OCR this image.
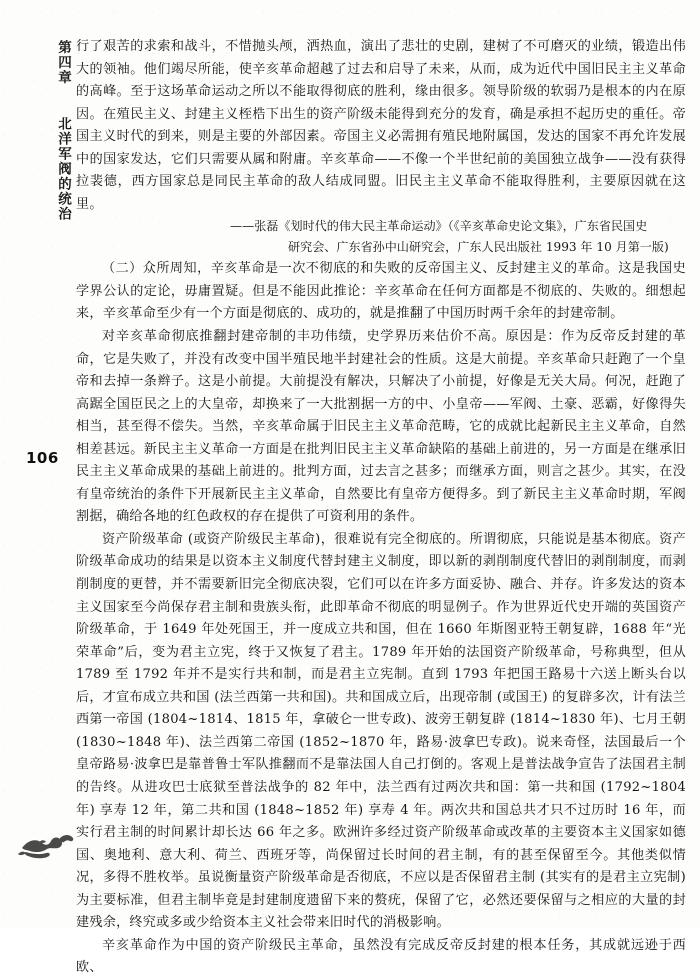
第四章 北洋军阀的统治
106

行了艰苦的求索和战斗，不惜抛头颅，洒热血，演出了悲壮的史剧，建树了不可磨灭的业绩，锻造出伟大的领袖。他们竭尽所能，使辛亥革命超越了过去和启导了未来，从而，成为近代中国旧民主主义革命的高峰。至于这场革命运动之所以不能取得彻底的胜利，缘由很多。领导阶级的软弱乃是根本的内在原因。在殖民主义、封建主义桎梏下出生的资产阶级未能得到充分的发育，确是承担不起历史的重任。帝国主义时代的到来，则是主要的外部因素。帝国主义必需拥有殖民地附属国，发达的国家不再允许发展中的国家发达，它们只需要从属和附庸。辛亥革命——不像一个半世纪前的美国独立战争——没有获得拉裴德，西方国家总是同民主革命的敌人结成同盟。旧民主主义革命不能取得胜利，主要原因就在这里。

——张磊《划时代的伟大民主革命运动》（《辛亥革命史论文集》，广东省民国史
研究会、广东省孙中山研究会，广东人民出版社 1993 年 10 月第一版)

（二）众所周知，辛亥革命是一次不彻底的和失败的反帝国主义、反封建主义的革命。这是我国史学界公认的定论，毋庸置疑。但是不能因此推论：辛亥革命在任何方面都是不彻底的、失败的。细想起来，辛亥革命至少有一个方面是彻底的、成功的，就是推翻了中国历时两千余年的封建帝制。

对辛亥革命彻底推翻封建帝制的丰功伟绩，史学界历来估价不高。原因是：作为反帝反封建的革命，它是失败了，并没有改变中国半殖民地半封建社会的性质。这是大前提。辛亥革命只赶跑了一个皇帝和去掉一条辫子。这是小前提。大前提没有解决，只解决了小前提，好像是无关大局。何况，赶跑了高踞全国臣民之上的大皇帝，却换来了一大批割据一方的中、小皇帝——军阀、土豪、恶霸，好像得失相当，甚至得不偿失。当然，辛亥革命属于旧民主主义革命范畴，它的成就比起新民主主义革命，自然相差甚远。新民主主义革命一方面是在批判旧民主主义革命缺陷的基础上前进的，另一方面是在继承旧民主主义革命成果的基础上前进的。批判方面，过去言之甚多；而继承方面，则言之甚少。其实，在没有皇帝统治的条件下开展新民主主义革命，自然要比有皇帝方便得多。到了新民主主义革命时期，军阀割据，确给各地的红色政权的存在提供了可资利用的条件。

资产阶级革命 (或资产阶级民主革命)，很难说有完全彻底的。所谓彻底，只能说是基本彻底。资产阶级革命成功的结果是以资本主义制度代替封建主义制度，即以新的剥削制度代替旧的剥削制度，而剥削制度的更替，并不需要新旧完全彻底决裂，它们可以在许多方面妥协、融合、并存。许多发达的资本主义国家至今尚保存君主制和贵族头衔，此即革命不彻底的明显例子。作为世界近代史开端的英国资产阶级革命，于 1649 年处死国王，并一度成立共和国，但在 1660 年斯图亚特王朝复辟，1688 年“光荣革命”后，变为君主立宪，终于又恢复了君主。1789 年开始的法国资产阶级革命，号称典型，但从 1789 至 1792 年并不是实行共和制，而是君主立宪制。直到 1793 年把国王路易十六送上断头台以后，才宣布成立共和国 (法兰西第一共和国)。共和国成立后，出现帝制 (或国王) 的复辟多次，计有法兰西第一帝国 (1804~1814、1815 年，拿破仑一世专政)、波旁王朝复辟 (1814~1830 年)、七月王朝 (1830~1848 年)、法兰西第二帝国 (1852~1870 年，路易·波拿巴专政)。说来奇怪，法国最后一个皇帝路易·波拿巴是靠普鲁士军队推翻而不是靠法国人自己打倒的。客观上是普法战争宣告了法国君主制的告终。从进攻巴士底狱至普法战争的 82 年中，法兰西有过两次共和国：第一共和国 (1792~1804 年) 享寿 12 年，第二共和国 (1848~1852 年) 享寿 4 年。两次共和国总共才只不过历时 16 年，而实行君主制的时间累计却长达 66 年之多。欧洲许多经过资产阶级革命或改革的主要资本主义国家如德国、奥地利、意大利、荷兰、西班牙等，尚保留过长时间的君主制，有的甚至保留至今。其他类似情况，多得不胜枚举。虽说衡量资产阶级革命是否彻底，不应以是否保留君主制 (其实有的是君主立宪制) 为主要标准，但君主制毕竟是封建制度遗留下来的赘疣，保留了它，必然还要保留与之相应的大量的封建残余，终究或多或少给资本主义社会带来旧时代的消极影响。

辛亥革命作为中国的资产阶级民主革命，虽然没有完成反帝反封建的根本任务，其成就远逊于西欧、
